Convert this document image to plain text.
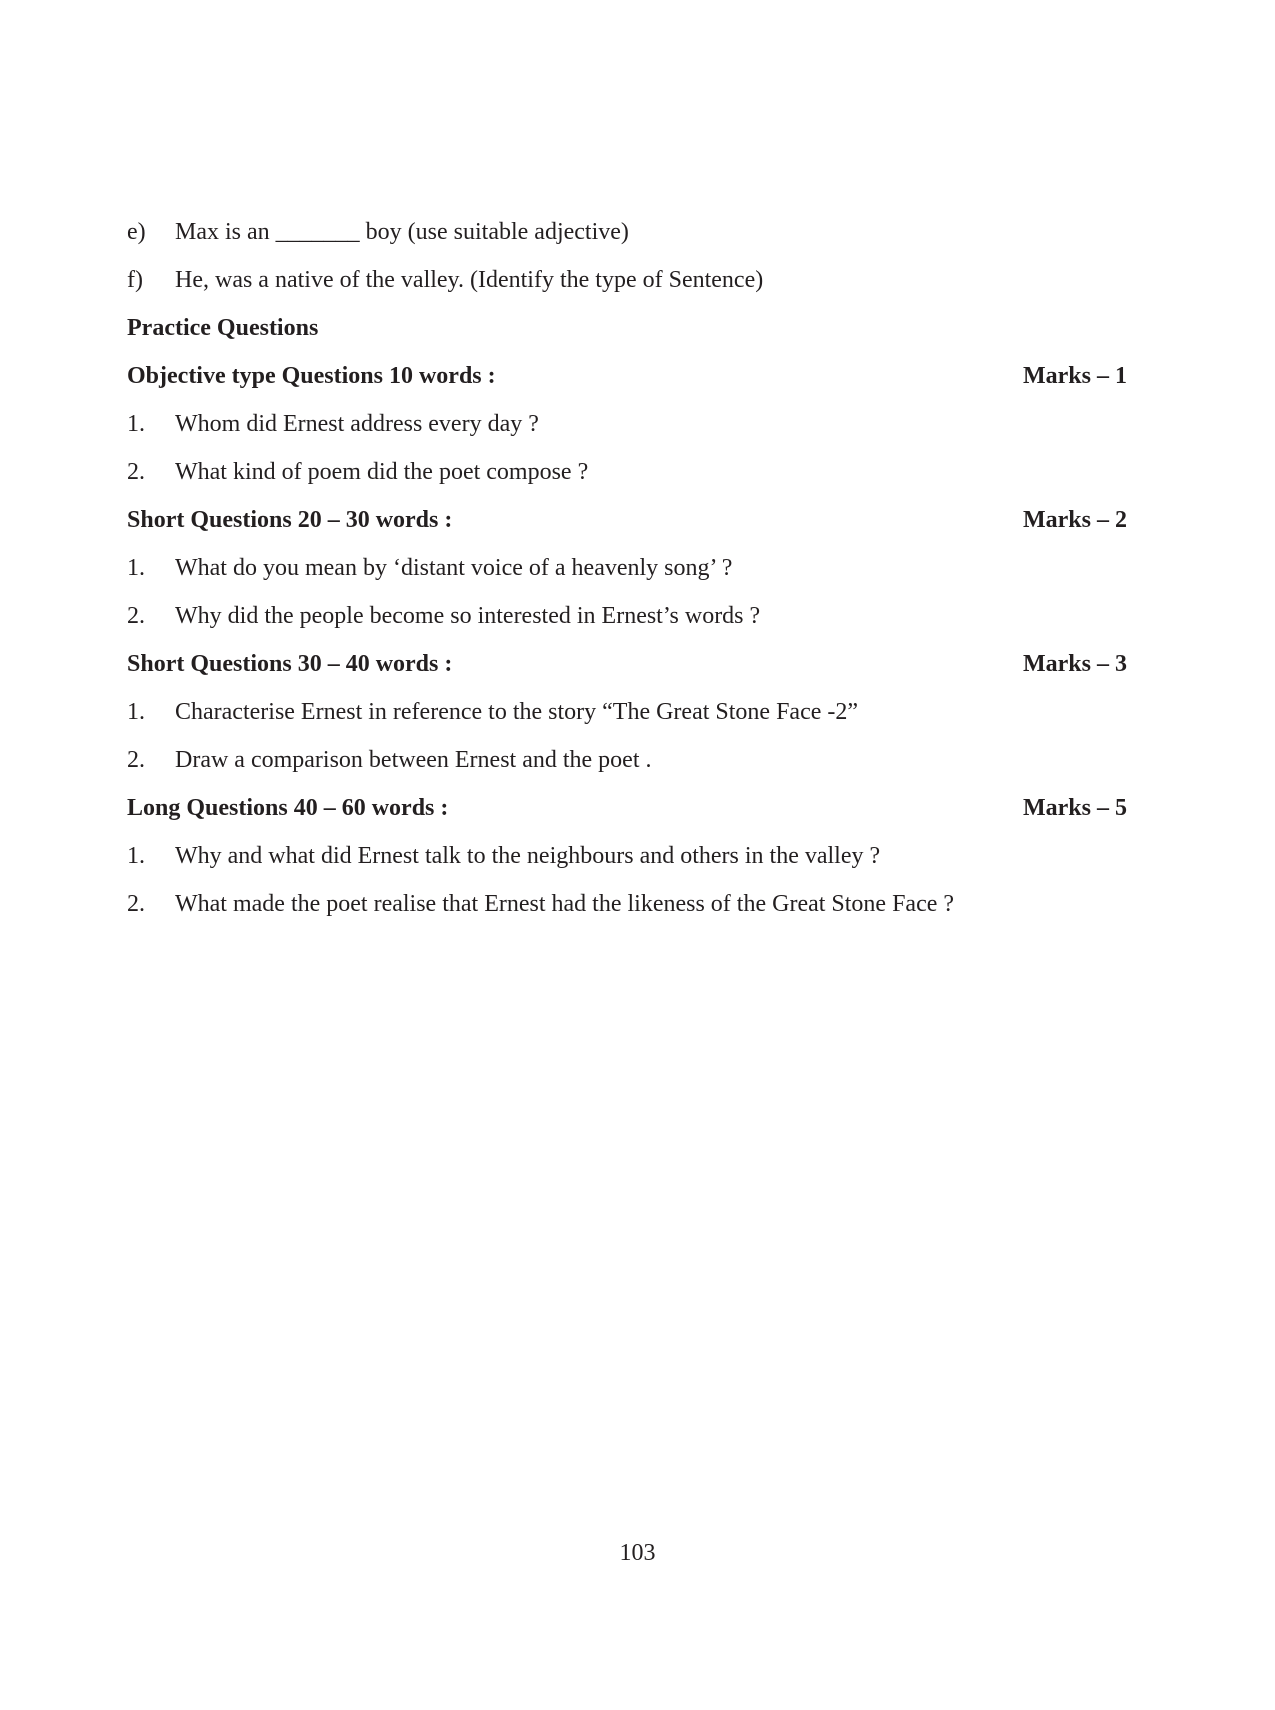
e) Max is an _______ boy (use suitable adjective)
f) He, was a native of the valley. (Identify the type of Sentence)
Practice Questions
Objective type Questions 10 words :	Marks – 1
1. Whom did Ernest address every day ?
2. What kind of poem did the poet compose ?
Short Questions 20 – 30 words :	Marks – 2
1. What do you mean by ‘distant voice of a heavenly song’ ?
2. Why did the people become so interested in Ernest’s words ?
Short Questions 30 – 40 words :	Marks – 3
1. Characterise Ernest in reference to the story “The Great Stone Face -2”
2. Draw a comparison between Ernest and the poet .
Long Questions 40 – 60 words :	Marks – 5
1. Why and what did Ernest talk to the neighbours and others in the valley ?
2. What made the poet realise that Ernest had the likeness of the Great Stone Face ?
103
